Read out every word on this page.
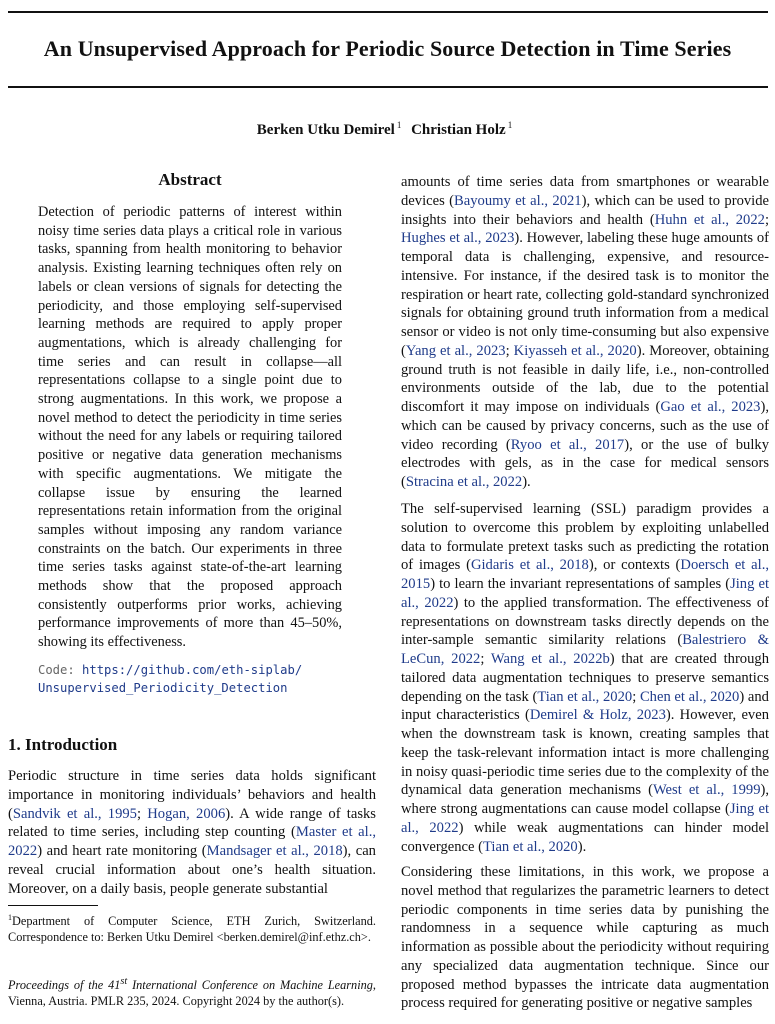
An Unsupervised Approach for Periodic Source Detection in Time Series
Berken Utku Demirel $^1$ Christian Holz $^1$
Abstract
Detection of periodic patterns of interest within noisy time series data plays a critical role in various tasks, spanning from health monitoring to behavior analysis. Existing learning techniques often rely on labels or clean versions of signals for detecting the periodicity, and those employing self-supervised learning methods are required to apply proper augmentations, which is already challenging for time series and can result in collapse—all representations collapse to a single point due to strong augmentations. In this work, we propose a novel method to detect the periodicity in time series without the need for any labels or requiring tailored positive or negative data generation mechanisms with specific augmentations. We mitigate the collapse issue by ensuring the learned representations retain information from the original samples without imposing any random variance constraints on the batch. Our experiments in three time series tasks against state-of-the-art learning methods show that the proposed approach consistently outperforms prior works, achieving performance improvements of more than 45–50%, showing its effectiveness.
Code: https://github.com/eth-siplab/
Unsupervised_Periodicity_Detection
1. Introduction
Periodic structure in time series data holds significant importance in monitoring individuals’ behaviors and health (Sandvik et al., 1995; Hogan, 2006). A wide range of tasks related to time series, including step counting (Master et al., 2022) and heart rate monitoring (Mandsager et al., 2018), can reveal crucial information about one’s health situation. Moreover, on a daily basis, people generate substantial
$^1$Department of Computer Science, ETH Zurich, Switzerland. Correspondence to: Berken Utku Demirel <berken.demirel@inf.ethz.ch>.
Proceedings of the 41st International Conference on Machine Learning, Vienna, Austria. PMLR 235, 2024. Copyright 2024 by the author(s).
amounts of time series data from smartphones or wearable devices (Bayoumy et al., 2021), which can be used to provide insights into their behaviors and health (Huhn et al., 2022; Hughes et al., 2023). However, labeling these huge amounts of temporal data is challenging, expensive, and resource-intensive. For instance, if the desired task is to monitor the respiration or heart rate, collecting gold-standard synchronized signals for obtaining ground truth information from a medical sensor or video is not only time-consuming but also expensive (Yang et al., 2023; Kiyasseh et al., 2020). Moreover, obtaining ground truth is not feasible in daily life, i.e., non-controlled environments outside of the lab, due to the potential discomfort it may impose on individuals (Gao et al., 2023), which can be caused by privacy concerns, such as the use of video recording (Ryoo et al., 2017), or the use of bulky electrodes with gels, as in the case for medical sensors (Stracina et al., 2022).
The self-supervised learning (SSL) paradigm provides a solution to overcome this problem by exploiting unlabelled data to formulate pretext tasks such as predicting the rotation of images (Gidaris et al., 2018), or contexts (Doersch et al., 2015) to learn the invariant representations of samples (Jing et al., 2022) to the applied transformation. The effectiveness of representations on downstream tasks directly depends on the inter-sample semantic similarity relations (Balestriero & LeCun, 2022; Wang et al., 2022b) that are created through tailored data augmentation techniques to preserve semantics depending on the task (Tian et al., 2020; Chen et al., 2020) and input characteristics (Demirel & Holz, 2023). However, even when the downstream task is known, creating samples that keep the task-relevant information intact is more challenging in noisy quasi-periodic time series due to the complexity of the dynamical data generation mechanisms (West et al., 1999), where strong augmentations can cause model collapse (Jing et al., 2022) while weak augmentations can hinder model convergence (Tian et al., 2020).
Considering these limitations, in this work, we propose a novel method that regularizes the parametric learners to detect periodic components in time series data by punishing the randomness in a sequence while capturing as much information as possible about the periodicity without requiring any specialized data augmentation technique. Since our proposed method bypasses the intricate data augmentation process required for generating positive or negative samples
